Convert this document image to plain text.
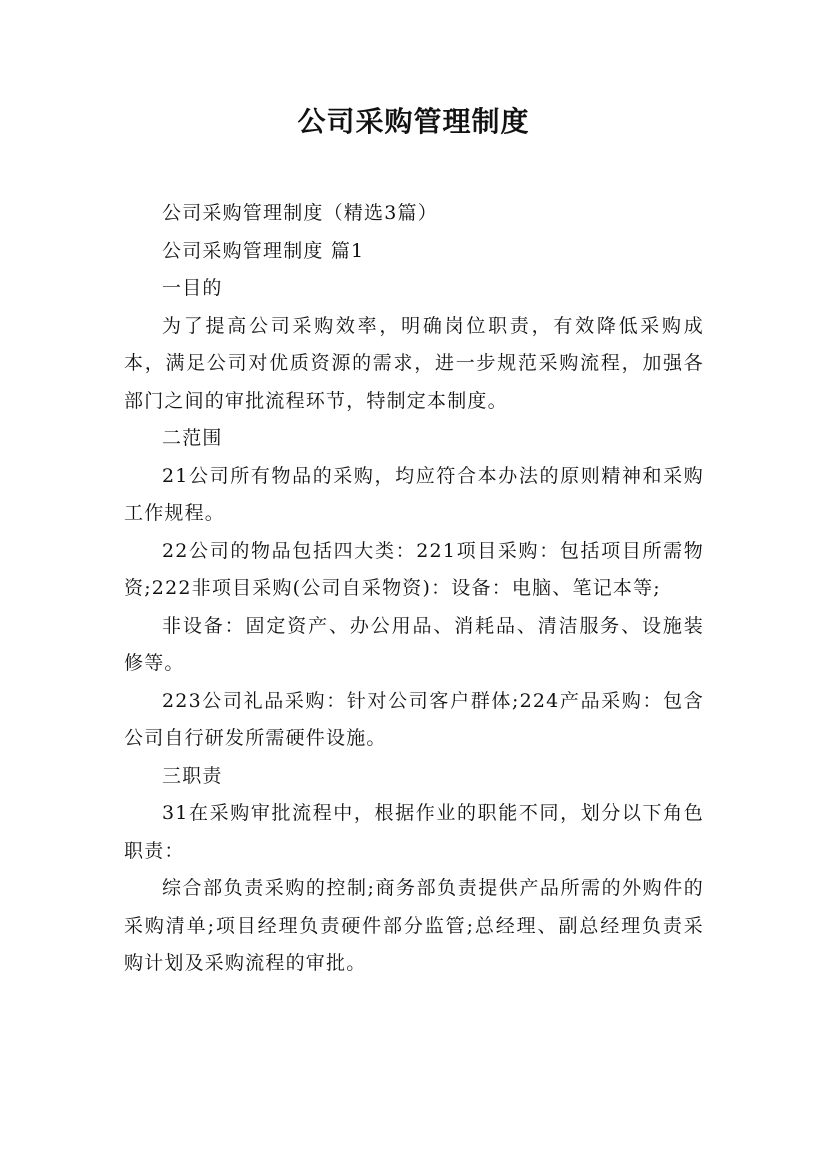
公司采购管理制度

公司采购管理制度（精选3篇）

公司采购管理制度 篇1

一目的

为了提高公司采购效率，明确岗位职责，有效降低采购成本，满足公司对优质资源的需求，进一步规范采购流程，加强各部门之间的审批流程环节，特制定本制度。

二范围

21公司所有物品的采购，均应符合本办法的原则精神和采购工作规程。

22公司的物品包括四大类：221项目采购：包括项目所需物资;222非项目采购(公司自采物资)：设备：电脑、笔记本等;

非设备：固定资产、办公用品、消耗品、清洁服务、设施装修等。

223公司礼品采购：针对公司客户群体;224产品采购：包含公司自行研发所需硬件设施。

三职责

31在采购审批流程中，根据作业的职能不同，划分以下角色职责：

综合部负责采购的控制;商务部负责提供产品所需的外购件的采购清单;项目经理负责硬件部分监管;总经理、副总经理负责采购计划及采购流程的审批。
